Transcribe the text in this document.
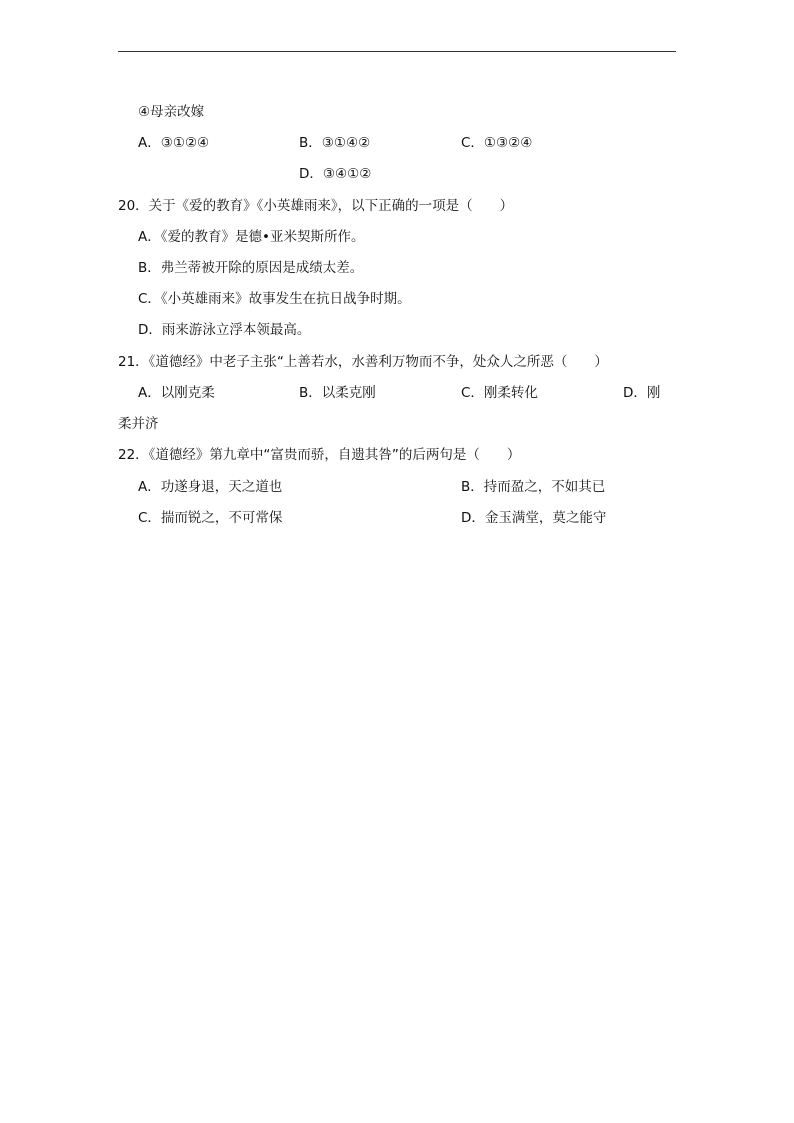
④母亲改嫁
A．③①②④	B．③①④②	C．①③②④
D．③④①②
20．关于《爱的教育》《小英雄雨来》，以下正确的一项是（　　）
A．《爱的教育》是德•亚米契斯所作。
B．弗兰蒂被开除的原因是成绩太差。
C．《小英雄雨来》故事发生在抗日战争时期。
D．雨来游泳立浮本领最高。
21．《道德经》中老子主张“上善若水，水善利万物而不争，处众人之所恶（　　）
A．以刚克柔	B．以柔克刚	C．刚柔转化	D．刚
柔并济
22．《道德经》第九章中“富贵而骄，自遗其咎”的后两句是（　　）
A．功遂身退，天之道也	B．持而盈之，不如其已
C．揣而锐之，不可常保	D．金玉满堂，莫之能守
